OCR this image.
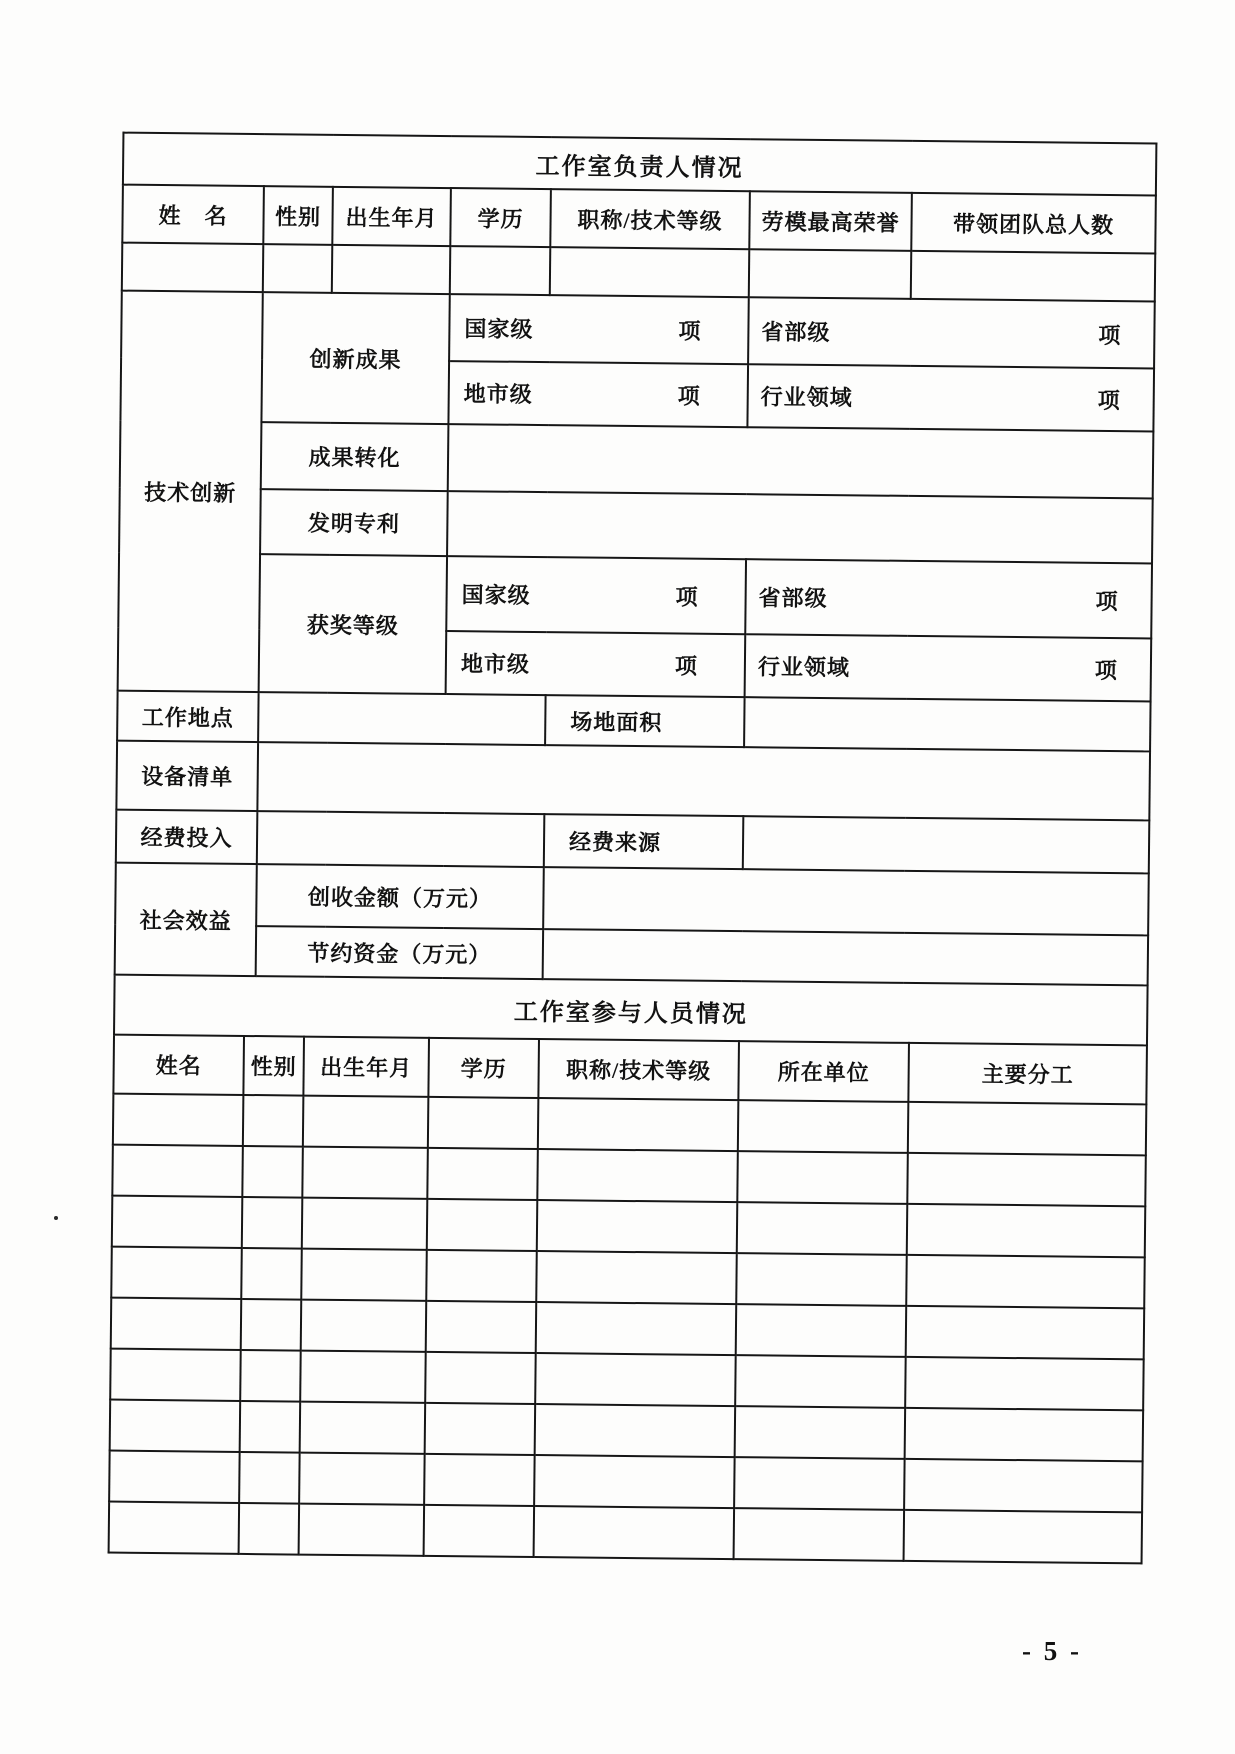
工作室负责人情况						
姓　名	性别	出生年月	学历	职称/技术等级	劳模最高荣誉	带领团队总人数

技术创新	创新成果		国家级 项		省部级 项	

			地市级 项		行业领域 项	

	成果转化					
	发明专利					
	获奖等级		国家级 项		省部级 项	

			地市级 项		行业领域 项	

工作地点				场地面积		
设备清单						
经费投入				经费来源		
社会效益	创收金额（万元）					
	节约资金（万元）					
工作室参与人员情况						
姓名	性别	出生年月	学历	职称/技术等级	所在单位	主要分工

- 5 -
